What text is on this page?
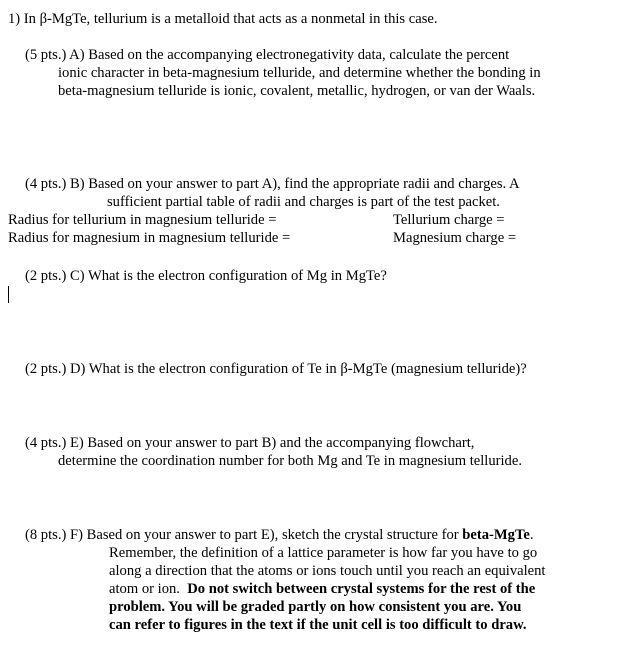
1) In β-MgTe, tellurium is a metalloid that acts as a nonmetal in this case.
(5 pts.) A) Based on the accompanying electronegativity data, calculate the percent
ionic character in beta-magnesium telluride, and determine whether the bonding in
beta-magnesium telluride is ionic, covalent, metallic, hydrogen, or van der Waals.
(4 pts.) B) Based on your answer to part A), find the appropriate radii and charges. A
sufficient partial table of radii and charges is part of the test packet.
Radius for tellurium in magnesium telluride =	Tellurium charge =
Radius for magnesium in magnesium telluride =	Magnesium charge =
(2 pts.) C) What is the electron configuration of Mg in MgTe?
(2 pts.) D) What is the electron configuration of Te in β-MgTe (magnesium telluride)?
(4 pts.) E) Based on your answer to part B) and the accompanying flowchart,
determine the coordination number for both Mg and Te in magnesium telluride.
(8 pts.) F) Based on your answer to part E), sketch the crystal structure for beta-MgTe.
Remember, the definition of a lattice parameter is how far you have to go
along a direction that the atoms or ions touch until you reach an equivalent
atom or ion.  Do not switch between crystal systems for the rest of the
problem. You will be graded partly on how consistent you are. You
can refer to figures in the text if the unit cell is too difficult to draw.
